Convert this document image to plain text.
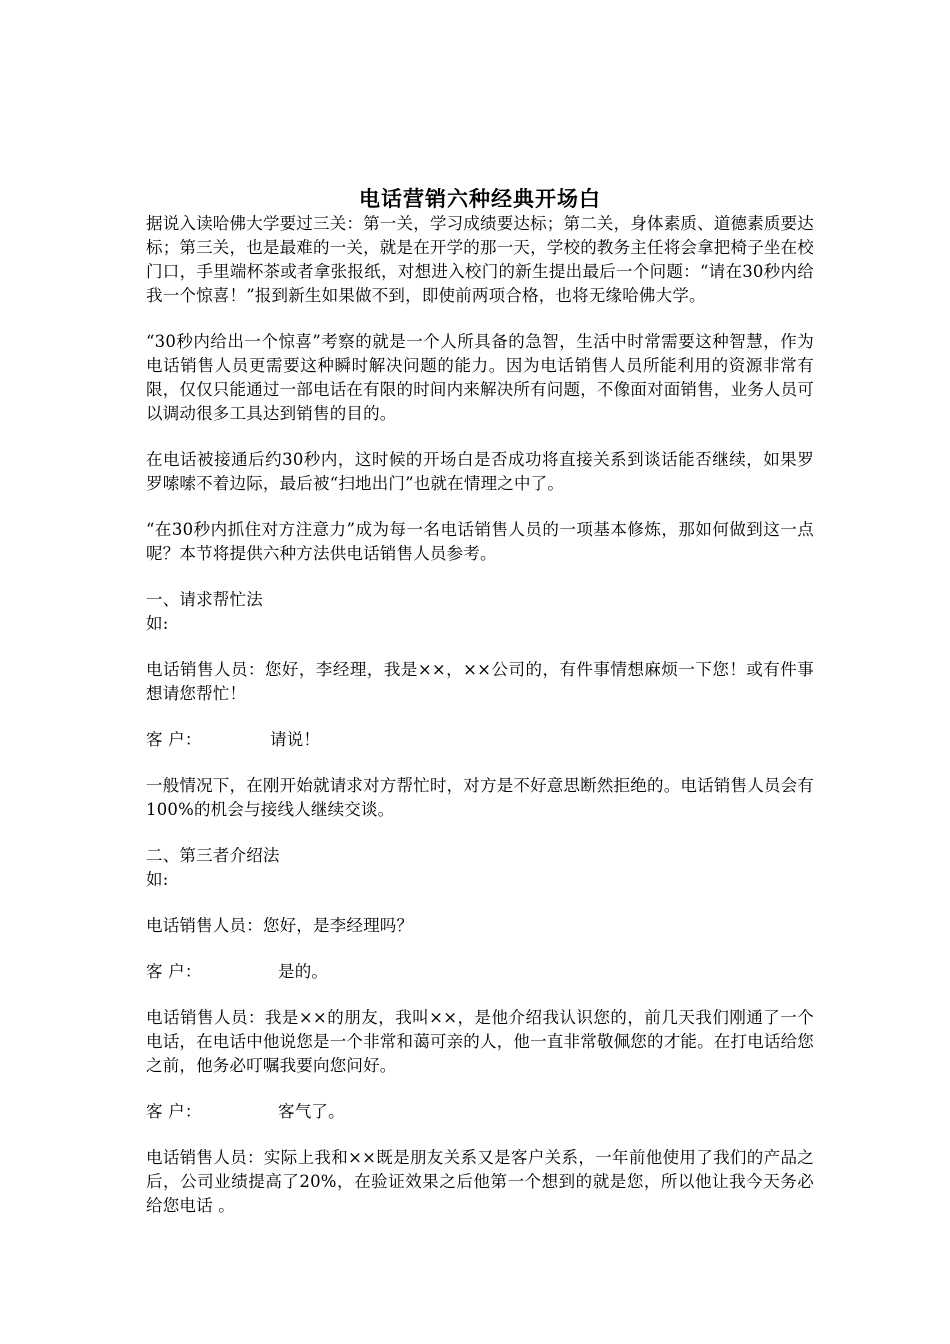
电话营销六种经典开场白

据说入读哈佛大学要过三关：第一关，学习成绩要达标；第二关，身体素质、道德素质要达标；第三关，也是最难的一关，就是在开学的那一天，学校的教务主任将会拿把椅子坐在校门口，手里端杯茶或者拿张报纸，对想进入校门的新生提出最后一个问题：“请在30秒内给我一个惊喜！”报到新生如果做不到，即使前两项合格，也将无缘哈佛大学。

“30秒内给出一个惊喜”考察的就是一个人所具备的急智，生活中时常需要这种智慧，作为电话销售人员更需要这种瞬时解决问题的能力。因为电话销售人员所能利用的资源非常有限，仅仅只能通过一部电话在有限的时间内来解决所有问题，不像面对面销售，业务人员可以调动很多工具达到销售的目的。

在电话被接通后约30秒内，这时候的开场白是否成功将直接关系到谈话能否继续，如果罗罗嗦嗦不着边际，最后被“扫地出门”也就在情理之中了。

“在30秒内抓住对方注意力”成为每一名电话销售人员的一项基本修炼，那如何做到这一点呢？本节将提供六种方法供电话销售人员参考。

一、请求帮忙法

如:

电话销售人员：您好，李经理，我是××，××公司的，有件事情想麻烦一下您！或有件事想请您帮忙！

客 户：	请说！

一般情况下，在刚开始就请求对方帮忙时，对方是不好意思断然拒绝的。电话销售人员会有100%的机会与接线人继续交谈。

二、第三者介绍法

如:

电话销售人员：您好，是李经理吗？

客 户：	是的。

电话销售人员：我是××的朋友，我叫××，是他介绍我认识您的，前几天我们刚通了一个电话，在电话中他说您是一个非常和蔼可亲的人，他一直非常敬佩您的才能。在打电话给您之前，他务必叮嘱我要向您问好。

客 户：	客气了。

电话销售人员：实际上我和××既是朋友关系又是客户关系，一年前他使用了我们的产品之后，公司业绩提高了20%，在验证效果之后他第一个想到的就是您，所以他让我今天务必给您电话 。
